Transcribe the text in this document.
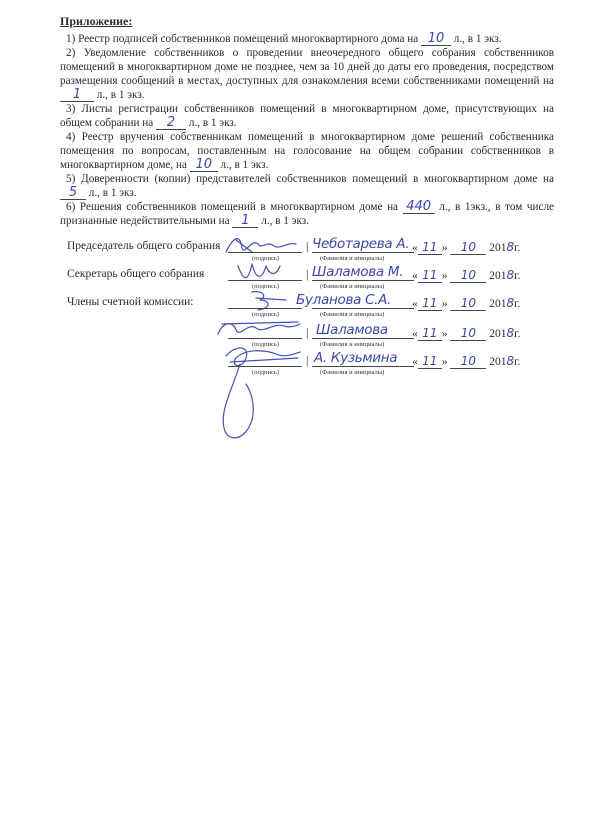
Приложение:
1) Реестр подписей собственников помещений многоквартирного дома на 10 л., в 1 экз.
2) Уведомление собственников о проведении внеочередного общего собрания собственников помещений в многоквартирном доме не позднее, чем за 10 дней до даты его проведения, посредством размещения сообщений в местах, доступных для ознакомления всеми собственниками помещений на 1 л., в 1 экз.
3) Листы регистрации собственников помещений в многоквартирном доме, присутствующих на общем собрании на 2 л., в 1 экз.
4) Реестр вручения собственникам помещений в многоквартирном доме решений собственника помещения по вопросам, поставленным на голосование на общем собрании собственников в многоквартирном доме, на 10 л., в 1 экз.
5) Доверенности (копии) представителей собственников помещений в многоквартирном доме на 5 л., в 1 экз.
6) Решения собственников помещений в многоквартирном доме на 440 л., в 1экз., в том числе признанные недействительными на 1 л., в 1 экз.
Председатель общего собрания
(подпись)
| Чеботарева А.
(Фамилия и инициалы)
« 11 » 10 2018г.
Секретарь общего собрания
(подпись)
| Шаламова М.
(Фамилия и инициалы)
« 11 » 10 2018г.
Члены счетной комиссии:
(подпись)
Буланова С.А.
(Фамилия и инициалы)
« 11 » 10 2018г.
(подпись)
| Шаламова
(Фамилия и инициалы)
« 11 » 10 2018г.
(подпись)
| А. Кузьмина
(Фамилия и инициалы)
« 11 » 10 2018г.
